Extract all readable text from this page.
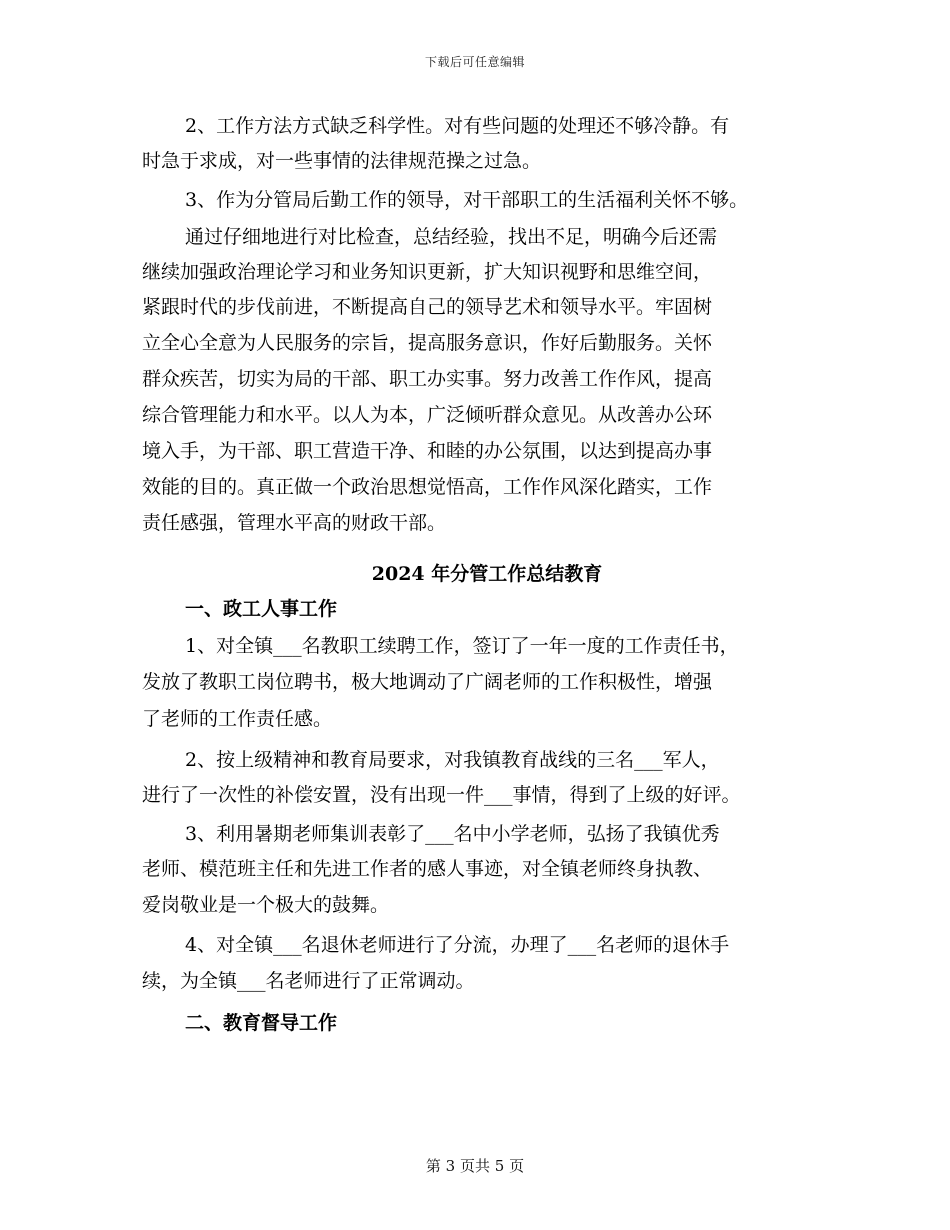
下载后可任意编辑
2、工作方法方式缺乏科学性。对有些问题的处理还不够冷静。有
时急于求成，对一些事情的法律规范操之过急。
3、作为分管局后勤工作的领导，对干部职工的生活福利关怀不够。
通过仔细地进行对比检查，总结经验，找出不足，明确今后还需
继续加强政治理论学习和业务知识更新，扩大知识视野和思维空间，
紧跟时代的步伐前进，不断提高自己的领导艺术和领导水平。牢固树
立全心全意为人民服务的宗旨，提高服务意识，作好后勤服务。关怀
群众疾苦，切实为局的干部、职工办实事。努力改善工作作风，提高
综合管理能力和水平。以人为本，广泛倾听群众意见。从改善办公环
境入手，为干部、职工营造干净、和睦的办公氛围，以达到提高办事
效能的目的。真正做一个政治思想觉悟高，工作作风深化踏实，工作
责任感强，管理水平高的财政干部。
2024 年分管工作总结教育
一、政工人事工作
1、对全镇___名教职工续聘工作，签订了一年一度的工作责任书，
发放了教职工岗位聘书，极大地调动了广阔老师的工作积极性，增强
了老师的工作责任感。
2、按上级精神和教育局要求，对我镇教育战线的三名___军人，
进行了一次性的补偿安置，没有出现一件___事情，得到了上级的好评。
3、利用暑期老师集训表彰了___名中小学老师，弘扬了我镇优秀
老师、模范班主任和先进工作者的感人事迹，对全镇老师终身执教、
爱岗敬业是一个极大的鼓舞。
4、对全镇___名退休老师进行了分流，办理了___名老师的退休手
续，为全镇___名老师进行了正常调动。
二、教育督导工作
第 3 页共 5 页
